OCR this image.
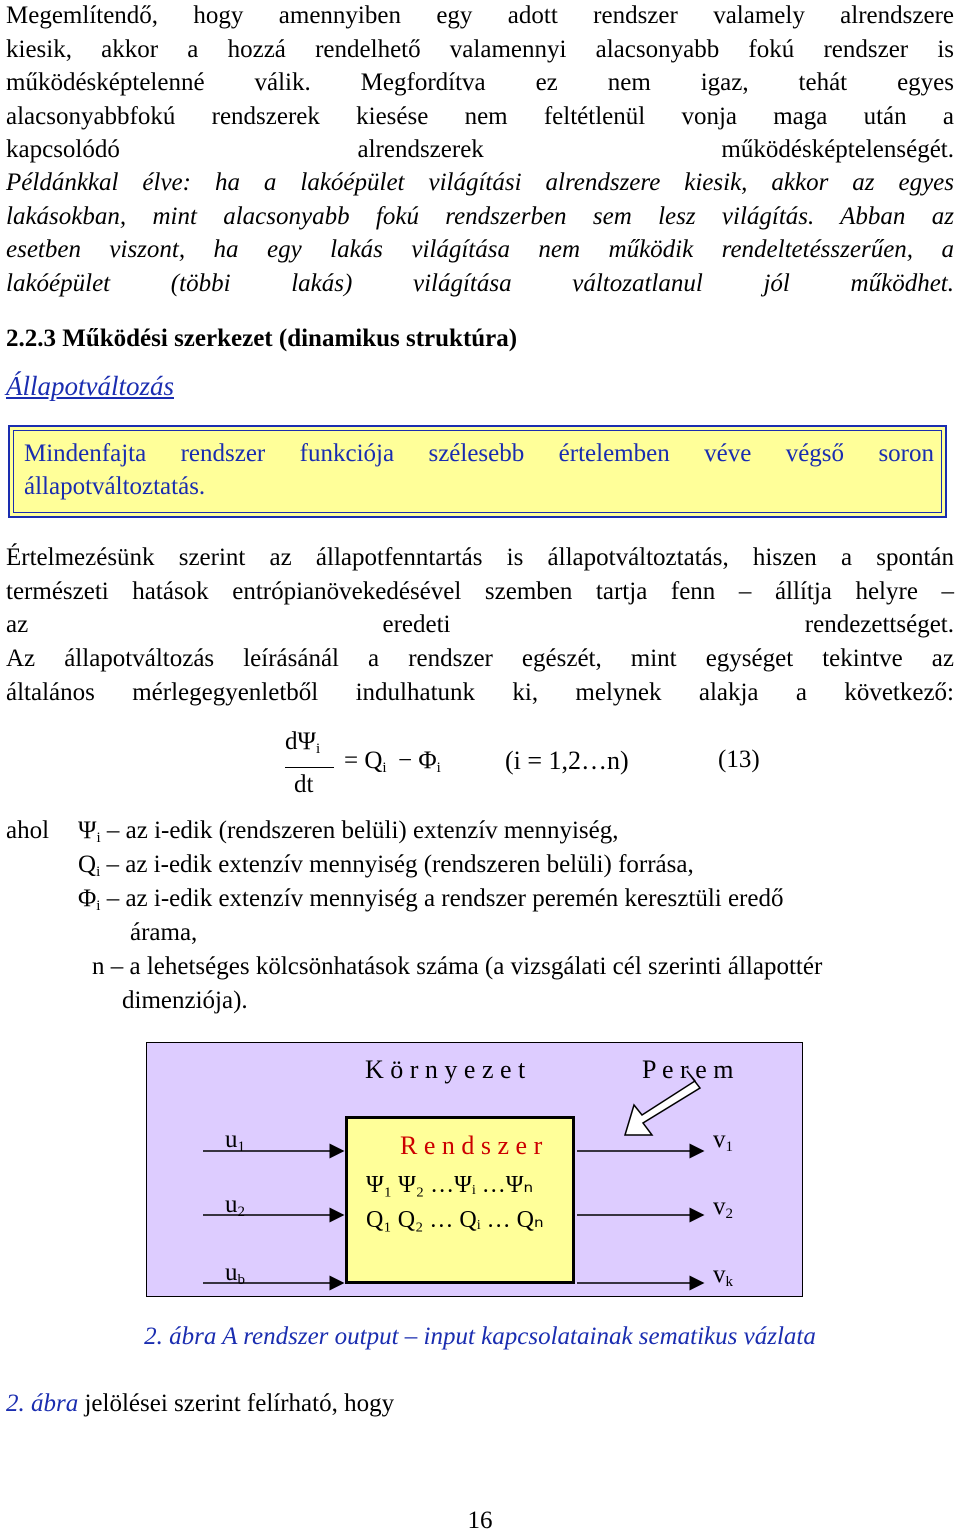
Megemlítendő, hogy amennyiben egy adott rendszer valamely alrendszere
kiesik, akkor a hozzá rendelhető valamennyi alacsonyabb fokú rendszer is
működésképtelenné válik. Megfordítva ez nem igaz, tehát egyes
alacsonyabbfokú rendszerek kiesése nem feltétlenül vonja maga után a
kapcsolódó alrendszerek működésképtelenségét.
Példánkkal élve: ha a lakóépület világítási alrendszere kiesik, akkor az egyes
lakásokban, mint alacsonyabb fokú rendszerben sem lesz világítás. Abban az
esetben viszont, ha egy lakás világítása nem működik rendeltetésszerűen, a
lakóépület (többi lakás) világítása változatlanul jól működhet.
2.2.3 Működési szerkezet (dinamikus struktúra)
Állapotváltozás
Mindenfajta rendszer funkciója szélesebb értelemben véve végső soron
állapotváltoztatás.
Értelmezésünk szerint az állapotfenntartás is állapotváltoztatás, hiszen a spontán
természeti hatások entrópianövekedésével szemben tartja fenn – állítja helyre –
az eredeti rendezettséget.
Az állapotváltozás leírásánál a rendszer egészét, mint egységet tekintve az
általános mérlegegyenletből indulhatunk ki, melynek alakja a következő:
$d\Psi_i$
dt
= $Q_i - \Phi_i$ (i = 1,2…n)	(13)
ahol $\Psi_i$ – az i-edik (rendszeren belüli) extenzív mennyiség,
$Q_i$ – az i-edik extenzív mennyiség (rendszeren belüli) forrása,
$\Phi_i$ – az i-edik extenzív mennyiség a rendszer peremén keresztüli eredő
árama,
n – a lehetséges kölcsönhatások száma (a vizsgálati cél szerinti állapottér
dimenziója).
K ö r n y e z e t	P e r e m
$u_1$
$u_2$
$u_b$
$v_1$
$v_2$
$v_k$
R e n d s z e r
Ψ₁ Ψ₂ …Ψᵢ …Ψₙ
Q₁ Q₂ … Qᵢ … Qₙ
2. ábra A rendszer output – input kapcsolatainak sematikus vázlata
2. ábra jelölései szerint felírható, hogy
16
